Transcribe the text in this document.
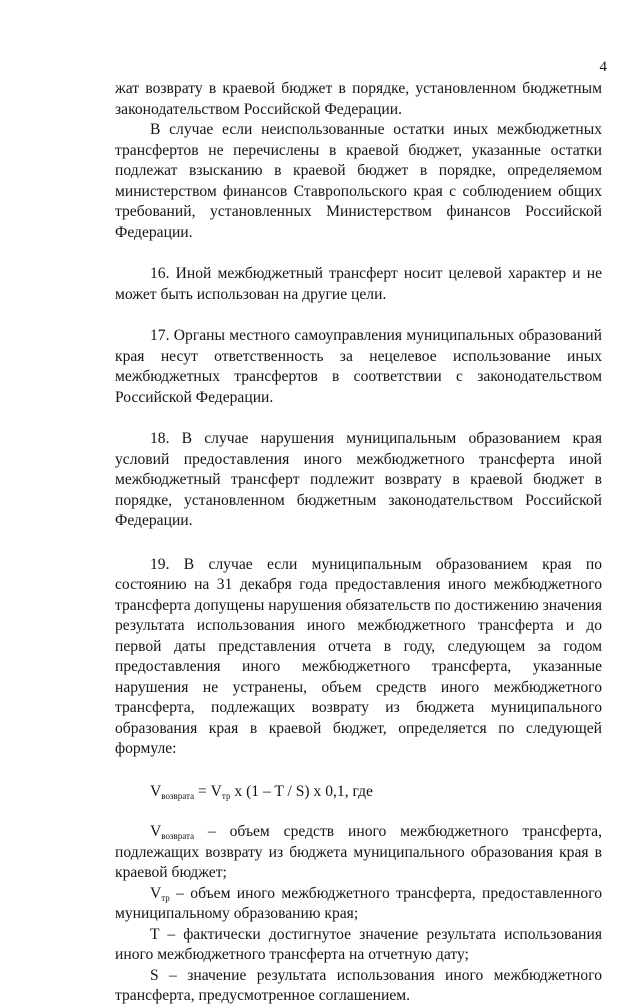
4

жат возврату в краевой бюджет в порядке, установленном бюджетным законодательством Российской Федерации.

В случае если неиспользованные остатки иных межбюджетных трансфертов не перечислены в краевой бюджет, указанные остатки подлежат взысканию в краевой бюджет в порядке, определяемом министерством финансов Ставропольского края с соблюдением общих требований, установленных Министерством финансов Российской Федерации.

16. Иной межбюджетный трансферт носит целевой характер и не может быть использован на другие цели.

17. Органы местного самоуправления муниципальных образований края несут ответственность за нецелевое использование иных межбюджетных трансфертов в соответствии с законодательством Российской Федерации.

18. В случае нарушения муниципальным образованием края условий предоставления иного межбюджетного трансферта иной межбюджетный трансферт подлежит возврату в краевой бюджет в порядке, установленном бюджетным законодательством Российской Федерации.

19. В случае если муниципальным образованием края по состоянию на 31 декабря года предоставления иного межбюджетного трансферта допущены нарушения обязательств по достижению значения результата использования иного межбюджетного трансферта и до первой даты представления отчета в году, следующем за годом предоставления иного межбюджетного трансферта, указанные нарушения не устранены, объем средств иного межбюджетного трансферта, подлежащих возврату из бюджета муниципального образования края в краевой бюджет, определяется по следующей формуле:

$V_{возврата} = V_{тр}$ x (1 – T / S) x 0,1, где

$V_{возврата}$ – объем средств иного межбюджетного трансферта, подлежащих возврату из бюджета муниципального образования края в краевой бюджет;

$V_{тр}$ – объем иного межбюджетного трансферта, предоставленного муниципальному образованию края;

T – фактически достигнутое значение результата использования иного межбюджетного трансферта на отчетную дату;

S – значение результата использования иного межбюджетного трансферта, предусмотренное соглашением.
